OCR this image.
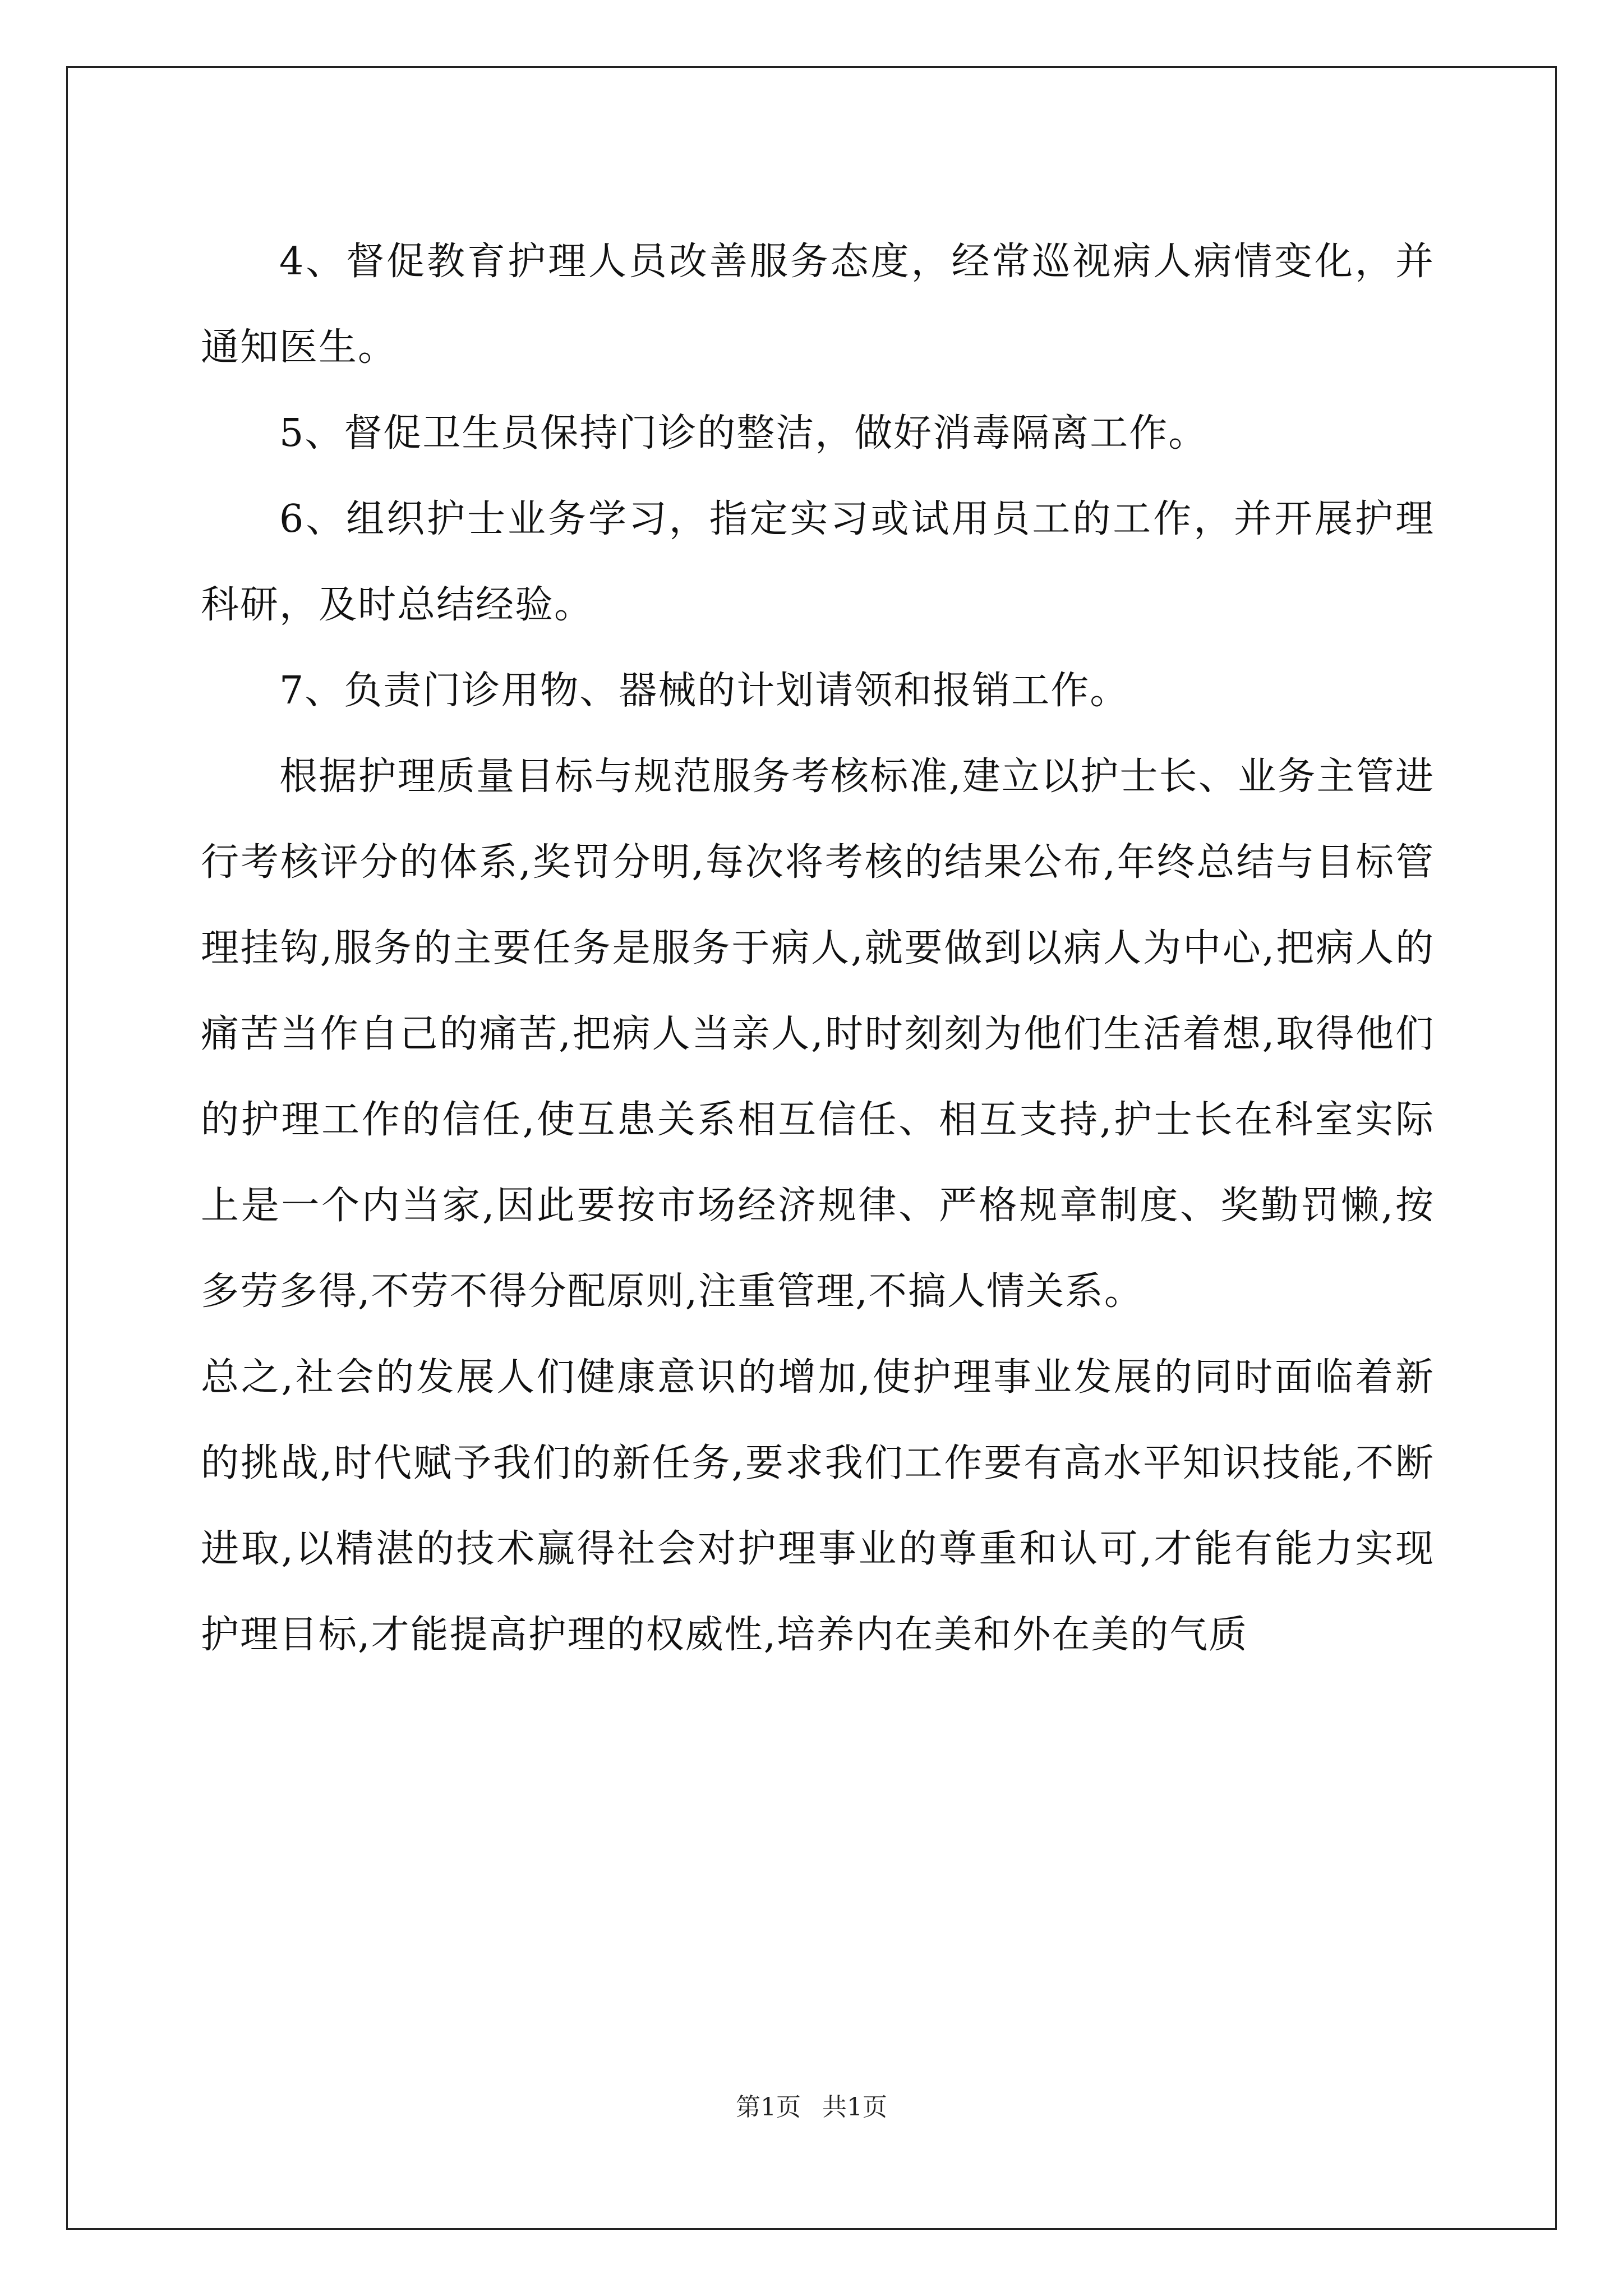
4、督促教育护理人员改善服务态度，经常巡视病人病情变化，并通知医生。

5、督促卫生员保持门诊的整洁，做好消毒隔离工作。

6、组织护士业务学习，指定实习或试用员工的工作，并开展护理科研，及时总结经验。

7、负责门诊用物、器械的计划请领和报销工作。

根据护理质量目标与规范服务考核标准,建立以护士长、业务主管进行考核评分的体系,奖罚分明,每次将考核的结果公布,年终总结与目标管理挂钩,服务的主要任务是服务于病人,就要做到以病人为中心,把病人的痛苦当作自己的痛苦,把病人当亲人,时时刻刻为他们生活着想,取得他们的护理工作的信任,使互患关系相互信任、相互支持,护士长在科室实际上是一个内当家,因此要按市场经济规律、严格规章制度、奖勤罚懒,按多劳多得,不劳不得分配原则,注重管理,不搞人情关系。

总之,社会的发展人们健康意识的增加,使护理事业发展的同时面临着新的挑战,时代赋予我们的新任务,要求我们工作要有高水平知识技能,不断进取,以精湛的技术赢得社会对护理事业的尊重和认可,才能有能力实现护理目标,才能提高护理的权威性,培养内在美和外在美的气质

第1页 共1页
